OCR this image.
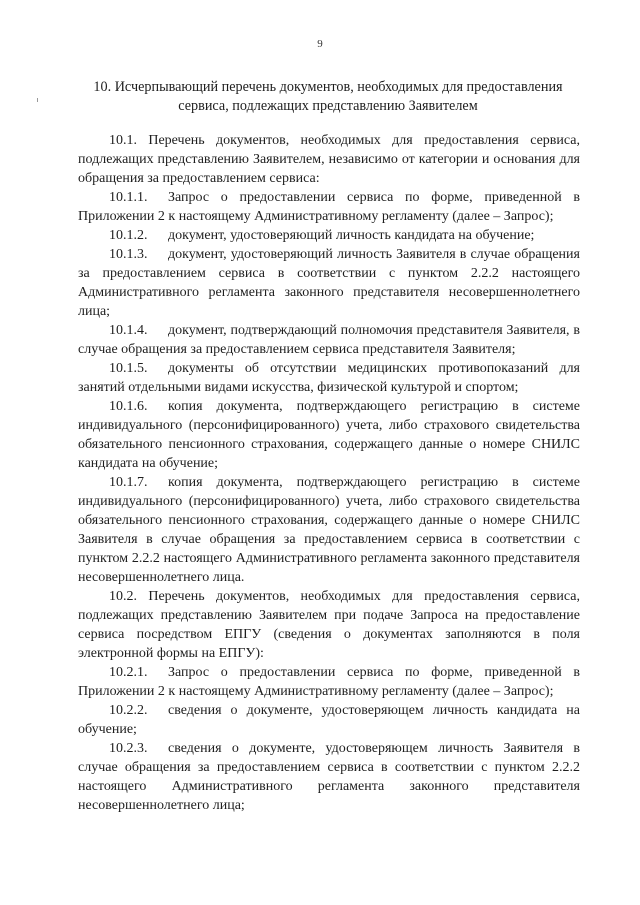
9
10. Исчерпывающий перечень документов, необходимых для предоставления сервиса, подлежащих представлению Заявителем

10.1. Перечень документов, необходимых для предоставления сервиса, подлежащих представлению Заявителем, независимо от категории и основания для обращения за предоставлением сервиса:

10.1.1. Запрос о предоставлении сервиса по форме, приведенной в Приложении 2 к настоящему Административному регламенту (далее – Запрос);

10.1.2. документ, удостоверяющий личность кандидата на обучение;

10.1.3. документ, удостоверяющий личность Заявителя в случае обращения за предоставлением сервиса в соответствии с пунктом 2.2.2 настоящего Административного регламента законного представителя несовершеннолетнего лица;

10.1.4. документ, подтверждающий полномочия представителя Заявителя, в случае обращения за предоставлением сервиса представителя Заявителя;

10.1.5. документы об отсутствии медицинских противопоказаний для занятий отдельными видами искусства, физической культурой и спортом;

10.1.6. копия документа, подтверждающего регистрацию в системе индивидуального (персонифицированного) учета, либо страхового свидетельства обязательного пенсионного страхования, содержащего данные о номере СНИЛС кандидата на обучение;

10.1.7. копия документа, подтверждающего регистрацию в системе индивидуального (персонифицированного) учета, либо страхового свидетельства обязательного пенсионного страхования, содержащего данные о номере СНИЛС Заявителя в случае обращения за предоставлением сервиса в соответствии с пунктом 2.2.2 настоящего Административного регламента законного представителя несовершеннолетнего лица.

10.2. Перечень документов, необходимых для предоставления сервиса, подлежащих представлению Заявителем при подаче Запроса на предоставление сервиса посредством ЕПГУ (сведения о документах заполняются в поля электронной формы на ЕПГУ):

10.2.1. Запрос о предоставлении сервиса по форме, приведенной в Приложении 2 к настоящему Административному регламенту (далее – Запрос);

10.2.2. сведения о документе, удостоверяющем личность кандидата на обучение;

10.2.3. сведения о документе, удостоверяющем личность Заявителя в случае обращения за предоставлением сервиса в соответствии с пунктом 2.2.2 настоящего Административного регламента законного представителя несовершеннолетнего лица;
